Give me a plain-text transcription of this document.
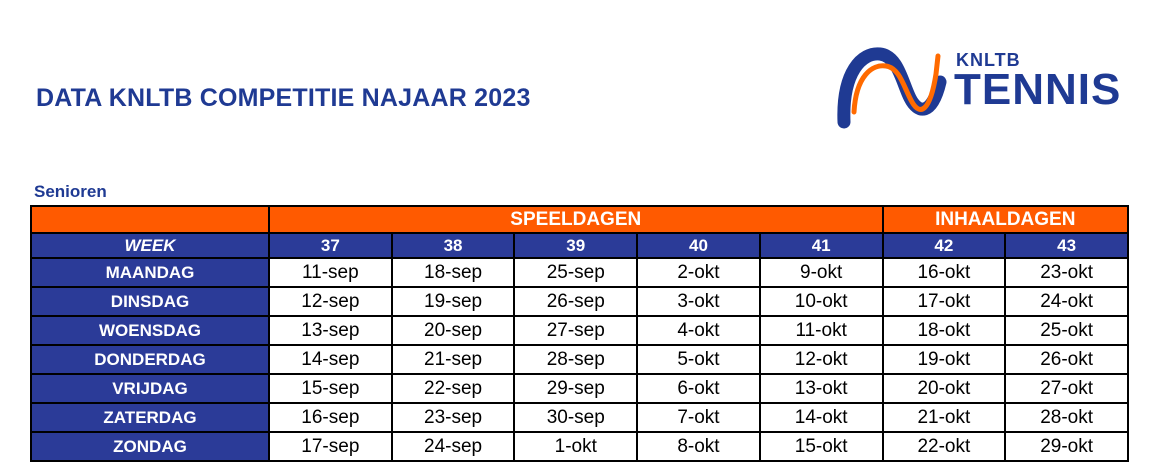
DATA KNLTB COMPETITIE NAJAAR 2023
KNLTB
TENNIS
Senioren
	SPEELDAGEN					INHAALDAGEN	
WEEK	37	38	39	40	41	42	43
MAANDAG	11-sep	18-sep	25-sep	2-okt	9-okt	16-okt	23-okt
DINSDAG	12-sep	19-sep	26-sep	3-okt	10-okt	17-okt	24-okt
WOENSDAG	13-sep	20-sep	27-sep	4-okt	11-okt	18-okt	25-okt
DONDERDAG	14-sep	21-sep	28-sep	5-okt	12-okt	19-okt	26-okt
VRIJDAG	15-sep	22-sep	29-sep	6-okt	13-okt	20-okt	27-okt
ZATERDAG	16-sep	23-sep	30-sep	7-okt	14-okt	21-okt	28-okt
ZONDAG	17-sep	24-sep	1-okt	8-okt	15-okt	22-okt	29-okt
